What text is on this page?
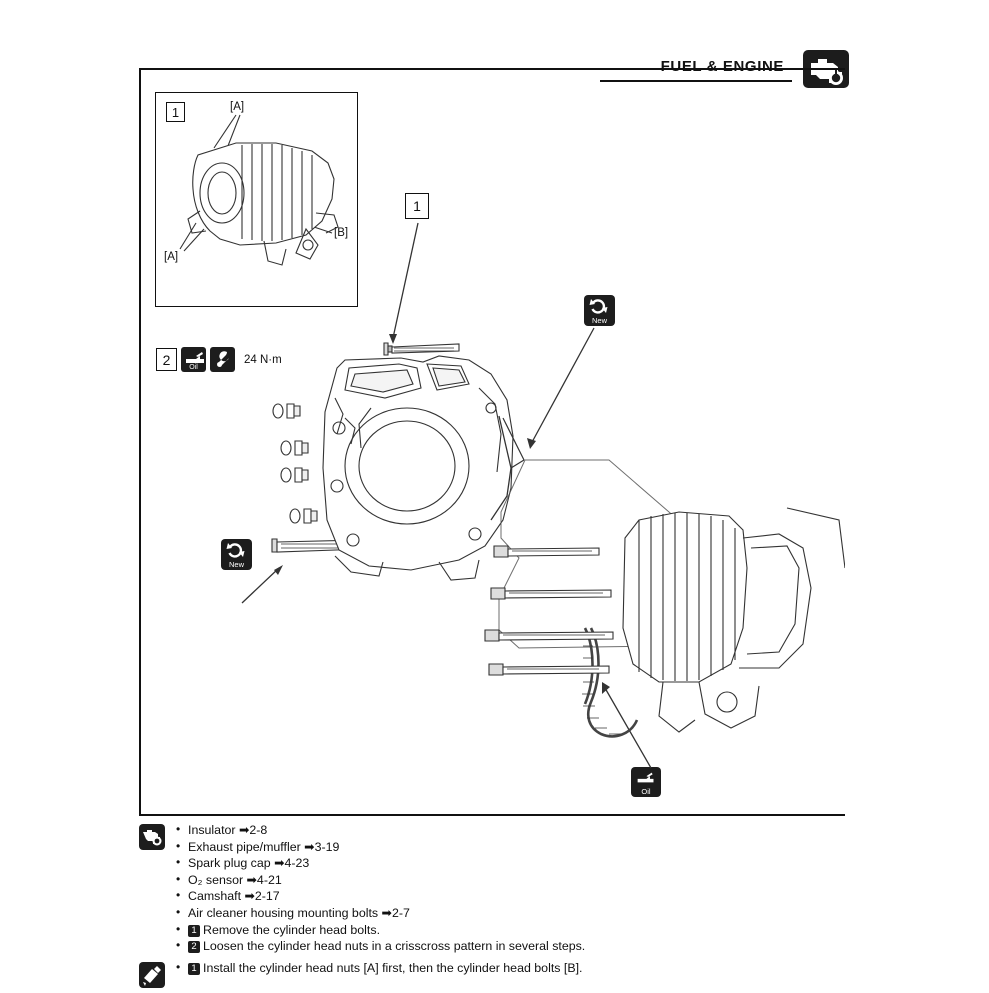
FUEL & ENGINE
1	[A]
[A]
[B]
2	Oil
24 N·m
1
New
New
Oil
• Insulator ➡2-8
• Exhaust pipe/muffler ➡3-19
• Spark plug cap ➡4-23
• O₂ sensor ➡4-21
• Camshaft ➡2-17
• Air cleaner housing mounting bolts ➡2-7
• 1 Remove the cylinder head bolts.
• 2 Loosen the cylinder head nuts in a crisscross pattern in several steps.
• 1 Install the cylinder head nuts [A] first, then the cylinder head bolts [B].
